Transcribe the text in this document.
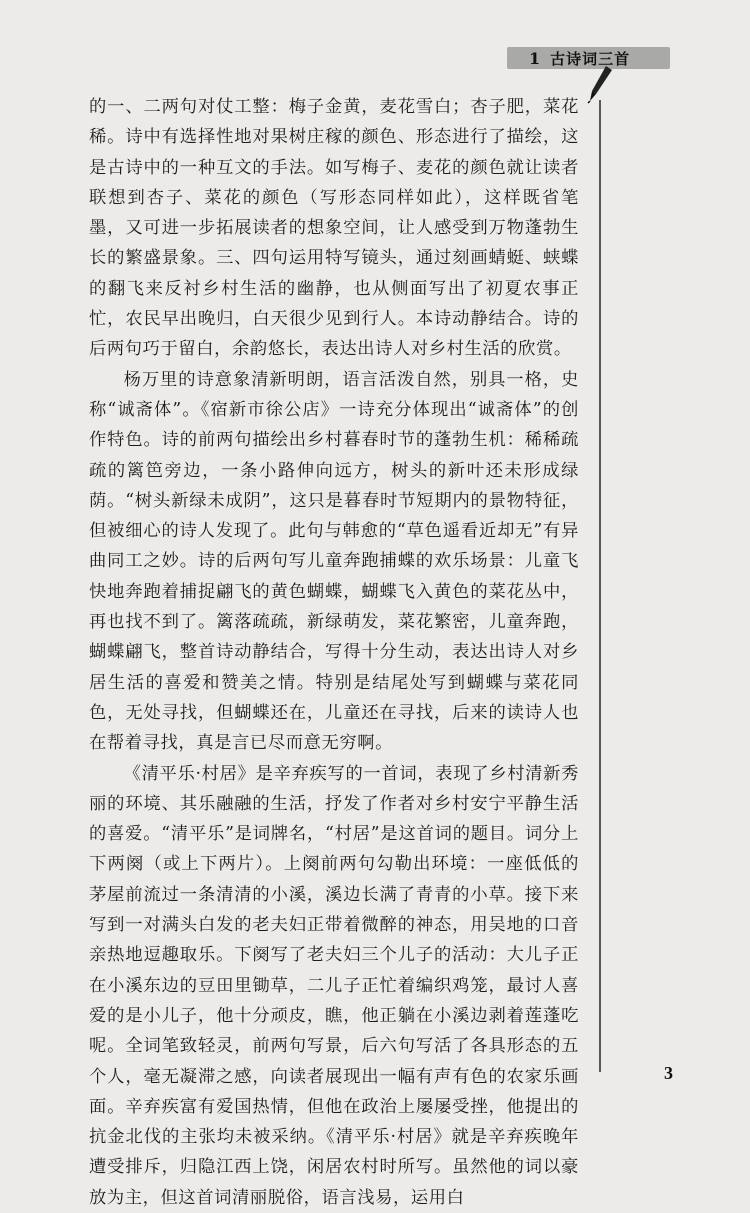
1 古诗词三首

的一、二两句对仗工整：梅子金黄，麦花雪白；杏子肥，菜花稀。诗中有选择性地对果树庄稼的颜色、形态进行了描绘，这是古诗中的一种互文的手法。如写梅子、麦花的颜色就让读者联想到杏子、菜花的颜色（写形态同样如此），这样既省笔墨，又可进一步拓展读者的想象空间，让人感受到万物蓬勃生长的繁盛景象。三、四句运用特写镜头，通过刻画蜻蜓、蛱蝶的翻飞来反衬乡村生活的幽静，也从侧面写出了初夏农事正忙，农民早出晚归，白天很少见到行人。本诗动静结合。诗的后两句巧于留白，余韵悠长，表达出诗人对乡村生活的欣赏。

杨万里的诗意象清新明朗，语言活泼自然，别具一格，史称“诚斋体”。《宿新市徐公店》一诗充分体现出“诚斋体”的创作特色。诗的前两句描绘出乡村暮春时节的蓬勃生机：稀稀疏疏的篱笆旁边，一条小路伸向远方，树头的新叶还未形成绿荫。“树头新绿未成阴”，这只是暮春时节短期内的景物特征，但被细心的诗人发现了。此句与韩愈的“草色遥看近却无”有异曲同工之妙。诗的后两句写儿童奔跑捕蝶的欢乐场景：儿童飞快地奔跑着捕捉翩飞的黄色蝴蝶，蝴蝶飞入黄色的菜花丛中，再也找不到了。篱落疏疏，新绿萌发，菜花繁密，儿童奔跑，蝴蝶翩飞，整首诗动静结合，写得十分生动，表达出诗人对乡居生活的喜爱和赞美之情。特别是结尾处写到蝴蝶与菜花同色，无处寻找，但蝴蝶还在，儿童还在寻找，后来的读诗人也在帮着寻找，真是言已尽而意无穷啊。

《清平乐·村居》是辛弃疾写的一首词，表现了乡村清新秀丽的环境、其乐融融的生活，抒发了作者对乡村安宁平静生活的喜爱。“清平乐”是词牌名，“村居”是这首词的题目。词分上下两阕（或上下两片）。上阕前两句勾勒出环境：一座低低的茅屋前流过一条清清的小溪，溪边长满了青青的小草。接下来写到一对满头白发的老夫妇正带着微醉的神态，用吴地的口音亲热地逗趣取乐。下阕写了老夫妇三个儿子的活动：大儿子正在小溪东边的豆田里锄草，二儿子正忙着编织鸡笼，最讨人喜爱的是小儿子，他十分顽皮，瞧，他正躺在小溪边剥着莲蓬吃呢。全词笔致轻灵，前两句写景，后六句写活了各具形态的五个人，毫无凝滞之感，向读者展现出一幅有声有色的农家乐画面。辛弃疾富有爱国热情，但他在政治上屡屡受挫，他提出的抗金北伐的主张均未被采纳。《清平乐·村居》就是辛弃疾晚年遭受排斥，归隐江西上饶，闲居农村时所写。虽然他的词以豪放为主，但这首词清丽脱俗，语言浅易，运用白

3
